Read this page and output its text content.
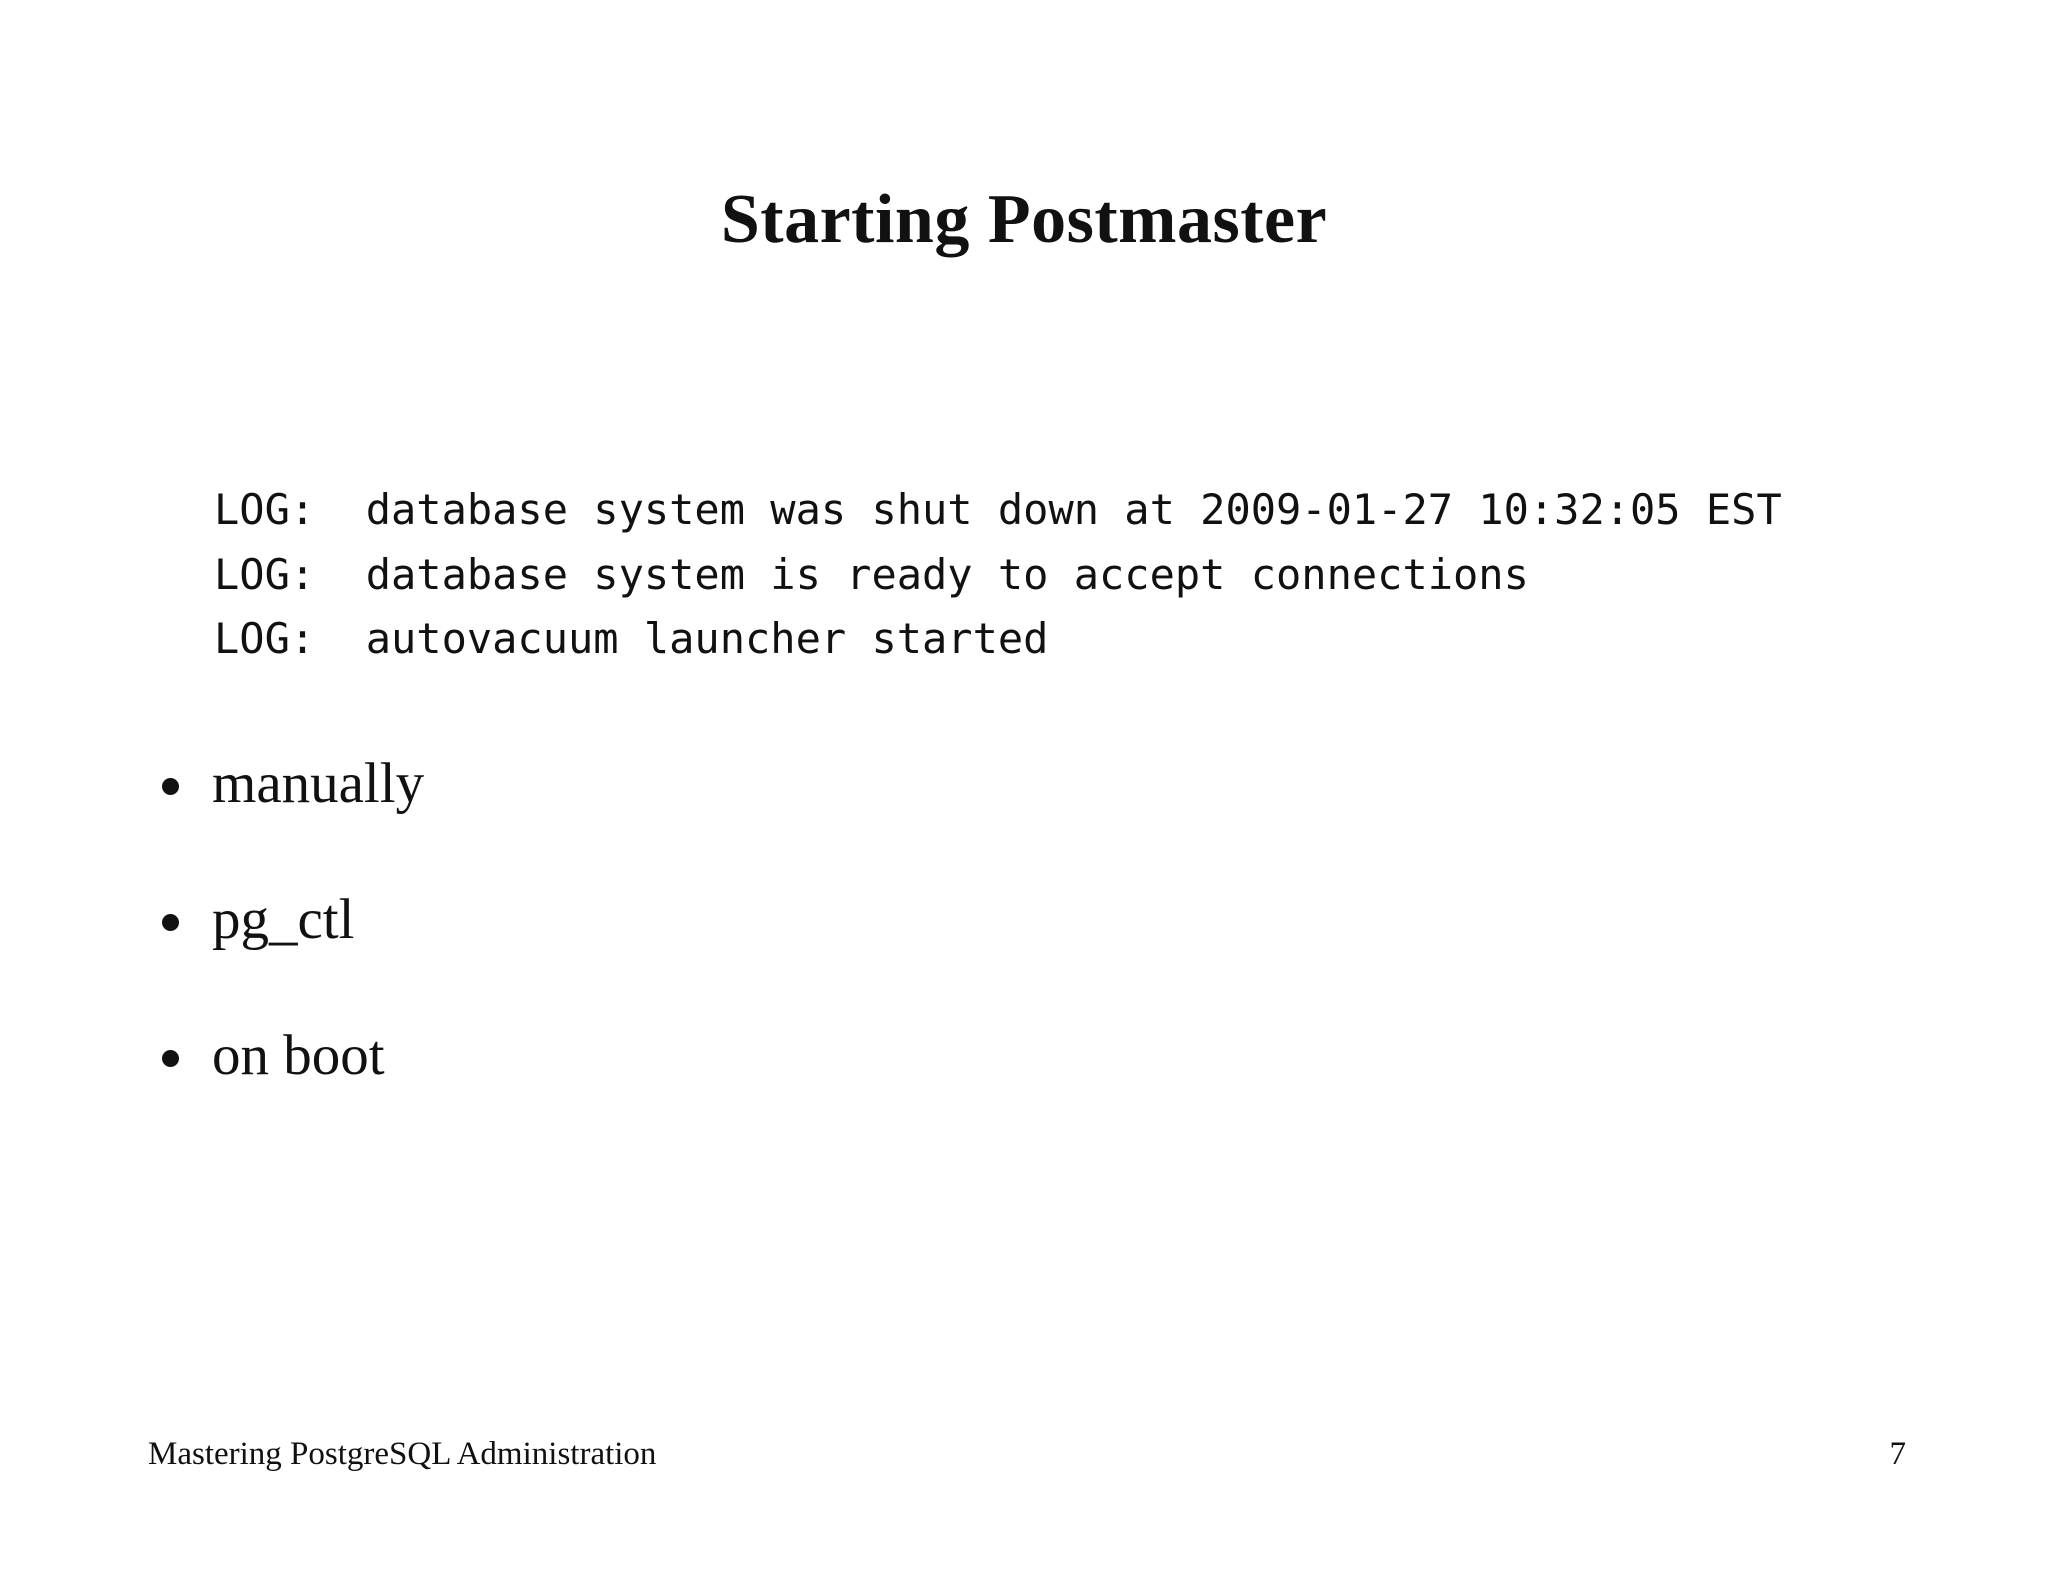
Starting Postmaster
LOG:  database system was shut down at 2009-01-27 10:32:05 EST
LOG:  database system is ready to accept connections
LOG:  autovacuum launcher started
manually
pg_ctl
on boot
Mastering PostgreSQL Administration	7
